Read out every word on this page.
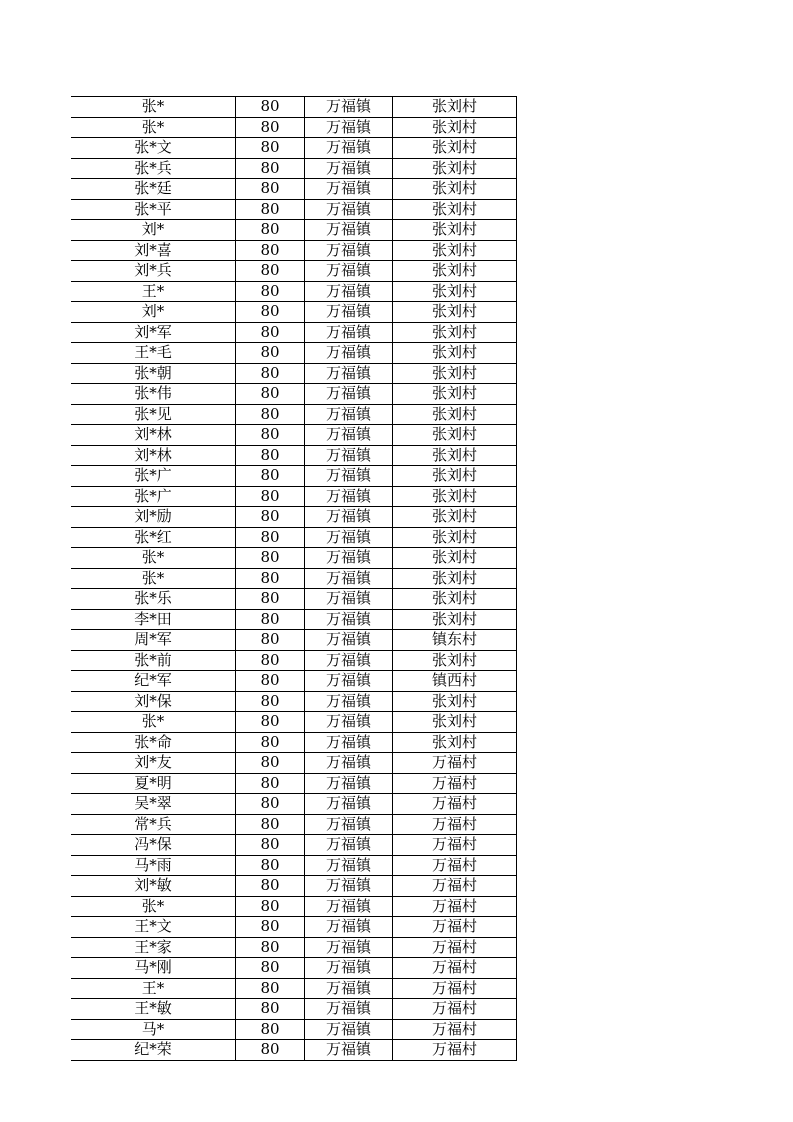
张*	80	万福镇	张刘村
张*	80	万福镇	张刘村
张*文	80	万福镇	张刘村
张*兵	80	万福镇	张刘村
张*廷	80	万福镇	张刘村
张*平	80	万福镇	张刘村
刘*	80	万福镇	张刘村
刘*喜	80	万福镇	张刘村
刘*兵	80	万福镇	张刘村
王*	80	万福镇	张刘村
刘*	80	万福镇	张刘村
刘*军	80	万福镇	张刘村
王*毛	80	万福镇	张刘村
张*朝	80	万福镇	张刘村
张*伟	80	万福镇	张刘村
张*见	80	万福镇	张刘村
刘*林	80	万福镇	张刘村
刘*林	80	万福镇	张刘村
张*广	80	万福镇	张刘村
张*广	80	万福镇	张刘村
刘*励	80	万福镇	张刘村
张*红	80	万福镇	张刘村
张*	80	万福镇	张刘村
张*	80	万福镇	张刘村
张*乐	80	万福镇	张刘村
李*田	80	万福镇	张刘村
周*军	80	万福镇	镇东村
张*前	80	万福镇	张刘村
纪*军	80	万福镇	镇西村
刘*保	80	万福镇	张刘村
张*	80	万福镇	张刘村
张*命	80	万福镇	张刘村
刘*友	80	万福镇	万福村
夏*明	80	万福镇	万福村
吴*翠	80	万福镇	万福村
常*兵	80	万福镇	万福村
冯*保	80	万福镇	万福村
马*雨	80	万福镇	万福村
刘*敏	80	万福镇	万福村
张*	80	万福镇	万福村
王*文	80	万福镇	万福村
王*家	80	万福镇	万福村
马*刚	80	万福镇	万福村
王*	80	万福镇	万福村
王*敏	80	万福镇	万福村
马*	80	万福镇	万福村
纪*荣	80	万福镇	万福村
